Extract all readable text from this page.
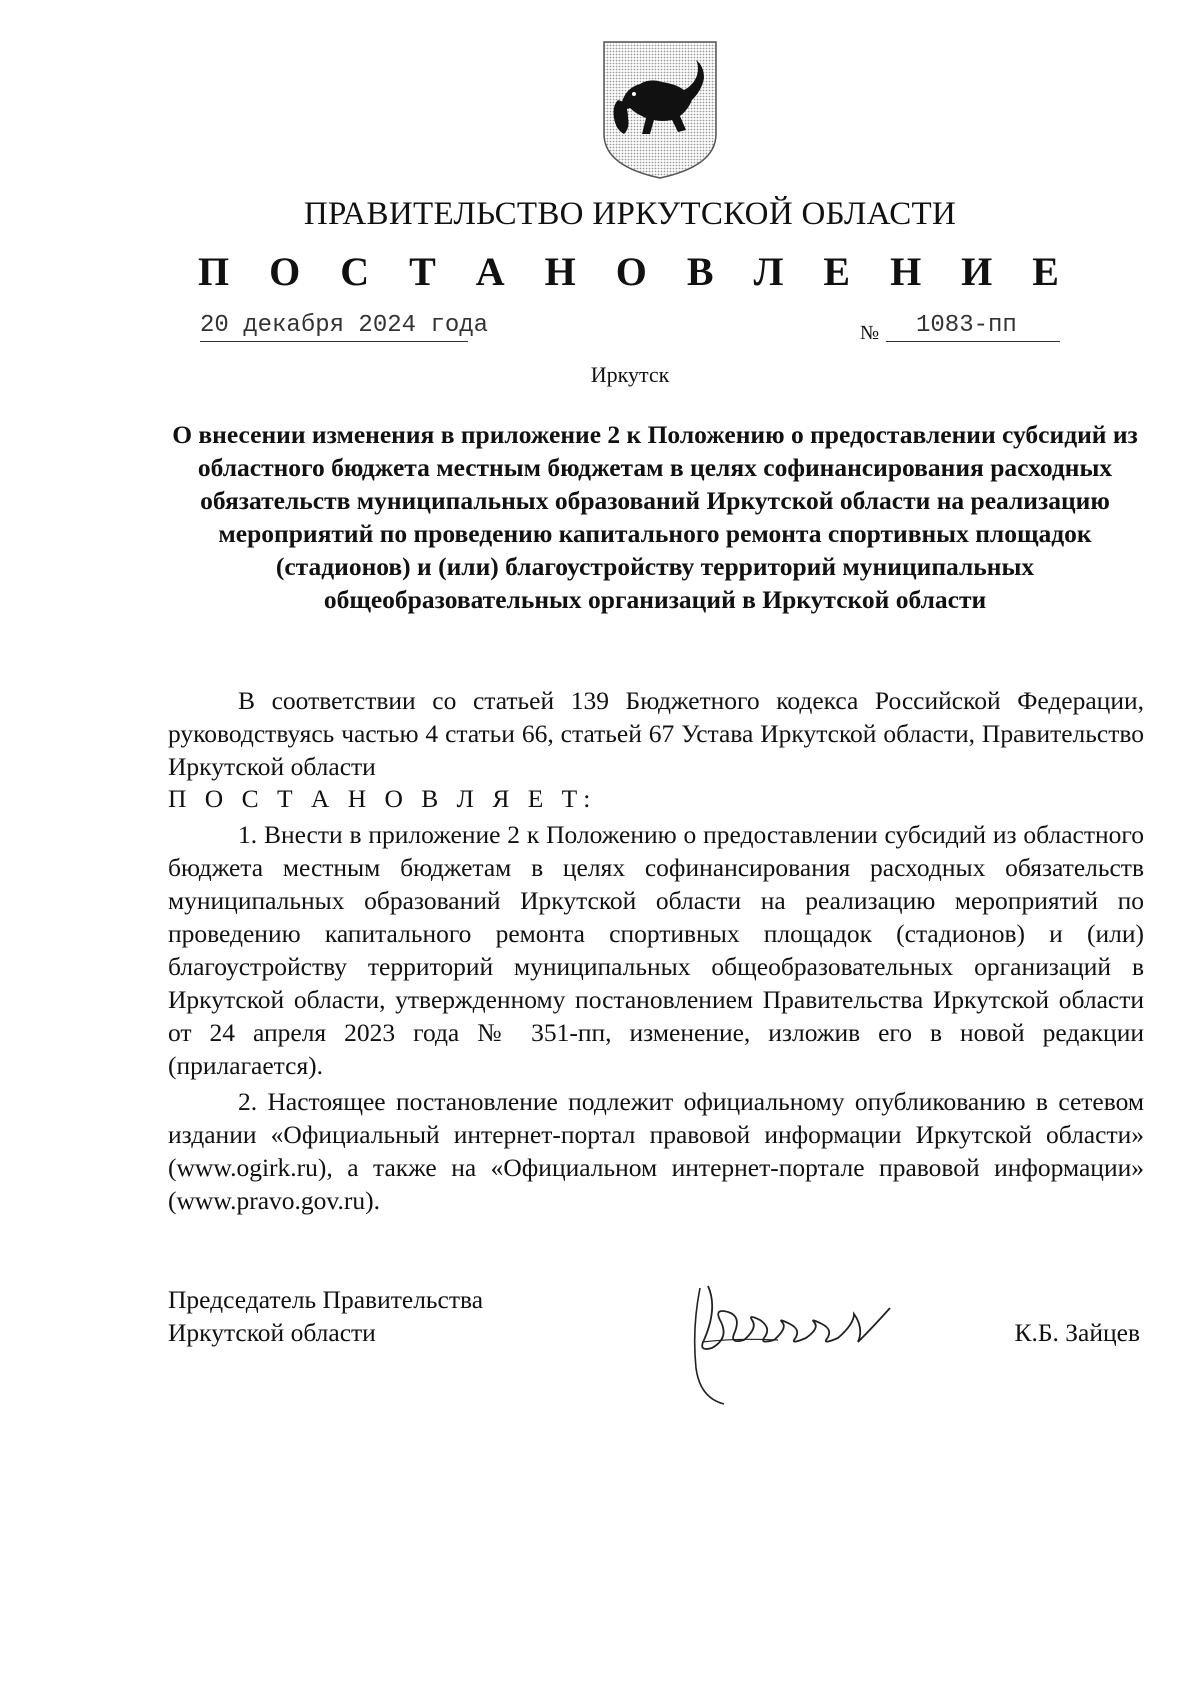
ПРАВИТЕЛЬСТВО ИРКУТСКОЙ ОБЛАСТИ
П О С Т А Н О В Л Е Н И Е
20 декабря 2024 года	№	1083-пп
Иркутск
О внесении изменения в приложение 2 к Положению о предоставлении субсидий из областного бюджета местным бюджетам в целях софинансирования расходных обязательств муниципальных образований Иркутской области на реализацию мероприятий по проведению капитального ремонта спортивных площадок (стадионов) и (или) благоустройству территорий муниципальных общеобразовательных организаций в Иркутской области
В соответствии со статьей 139 Бюджетного кодекса Российской Федерации, руководствуясь частью 4 статьи 66, статьей 67 Устава Иркутской области, Правительство Иркутской области
П О С Т А Н О В Л Я Е Т:
1. Внести в приложение 2 к Положению о предоставлении субсидий из областного бюджета местным бюджетам в целях софинансирования расходных обязательств муниципальных образований Иркутской области на реализацию мероприятий по проведению капитального ремонта спортивных площадок (стадионов) и (или) благоустройству территорий муниципальных общеобразовательных организаций в Иркутской области, утвержденному постановлением Правительства Иркутской области от 24 апреля 2023 года № 351-пп, изменение, изложив его в новой редакции (прилагается).
2. Настоящее постановление подлежит официальному опубликованию в сетевом издании «Официальный интернет-портал правовой информации Иркутской области» (www.ogirk.ru), а также на «Официальном интернет-портале правовой информации» (www.pravo.gov.ru).
Председатель Правительства
Иркутской области	К.Б. Зайцев
